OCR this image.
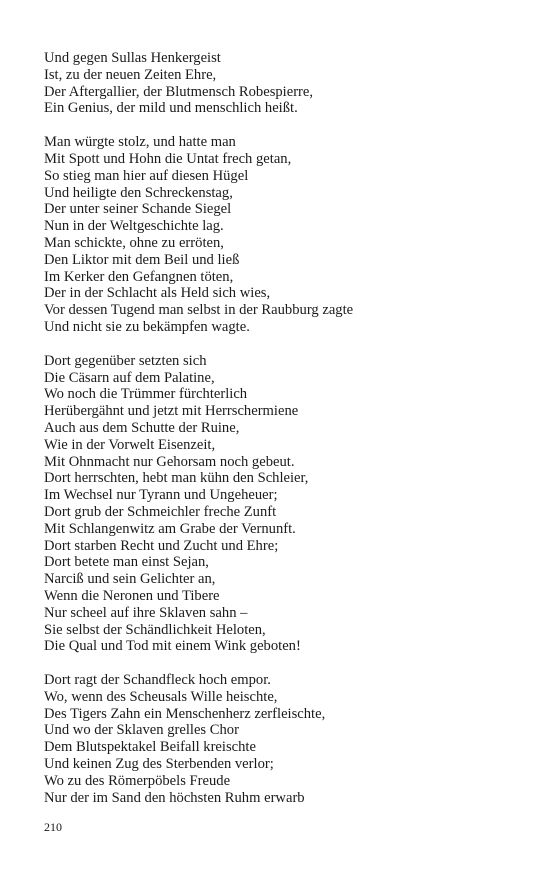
Und gegen Sullas Henkergeist
Ist, zu der neuen Zeiten Ehre,
Der Aftergallier, der Blutmensch Robespierre,
Ein Genius, der mild und menschlich heißt.
Man würgte stolz, und hatte man
Mit Spott und Hohn die Untat frech getan,
So stieg man hier auf diesen Hügel
Und heiligte den Schreckenstag,
Der unter seiner Schande Siegel
Nun in der Weltgeschichte lag.
Man schickte, ohne zu erröten,
Den Liktor mit dem Beil und ließ
Im Kerker den Gefangnen töten,
Der in der Schlacht als Held sich wies,
Vor dessen Tugend man selbst in der Raubburg zagte
Und nicht sie zu bekämpfen wagte.
Dort gegenüber setzten sich
Die Cäsarn auf dem Palatine,
Wo noch die Trümmer fürchterlich
Herübergähnt und jetzt mit Herrschermiene
Auch aus dem Schutte der Ruine,
Wie in der Vorwelt Eisenzeit,
Mit Ohnmacht nur Gehorsam noch gebeut.
Dort herrschten, hebt man kühn den Schleier,
Im Wechsel nur Tyrann und Ungeheuer;
Dort grub der Schmeichler freche Zunft
Mit Schlangenwitz am Grabe der Vernunft.
Dort starben Recht und Zucht und Ehre;
Dort betete man einst Sejan,
Narciß und sein Gelichter an,
Wenn die Neronen und Tibere
Nur scheel auf ihre Sklaven sahn –
Sie selbst der Schändlichkeit Heloten,
Die Qual und Tod mit einem Wink geboten!
Dort ragt der Schandfleck hoch empor.
Wo, wenn des Scheusals Wille heischte,
Des Tigers Zahn ein Menschenherz zerfleischte,
Und wo der Sklaven grelles Chor
Dem Blutspektakel Beifall kreischte
Und keinen Zug des Sterbenden verlor;
Wo zu des Römerpöbels Freude
Nur der im Sand den höchsten Ruhm erwarb
210
